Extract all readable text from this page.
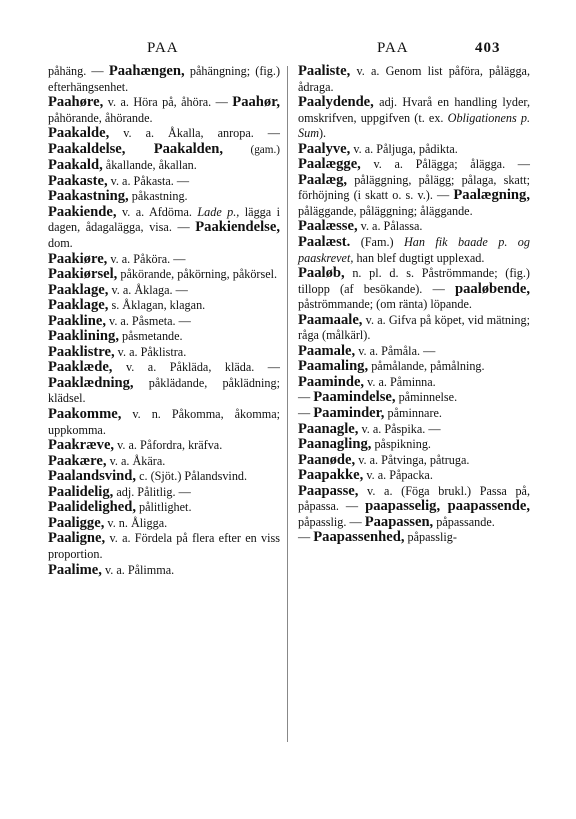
PAA	PAA	403

påhäng. — Paahængen, påhängning; (fig.) efterhängsenhet.

Paahøre, v. a. Höra på, åhöra. — Paahør, påhörande, åhörande.

Paakalde, v. a. Åkalla, anropa. — Paakaldelse, Paakalden, (gam.) Paakald, åkallande, åkallan.

Paakaste, v. a. Påkasta. —

Paakastning, påkastning.

Paakiende, v. a. Afdöma. Lade p., lägga i dagen, ådagalägga, visa. — Paakiendelse, dom.

Paakiøre, v. a. Påköra. —

Paakiørsel, påkörande, påkörning, påkörsel.

Paaklage, v. a. Åklaga. —

Paaklage, s. Åklagan, klagan.

Paakline, v. a. Påsmeta. —

Paaklining, påsmetande.

Paaklistre, v. a. Påklistra.

Paaklæde, v. a. Påkläda, kläda. — Paaklædning, påklädande, påklädning; klädsel.

Paakomme, v. n. Påkomma, åkomma; uppkomma.

Paakræve, v. a. Påfordra, kräfva.

Paakære, v. a. Åkära.

Paalandsvind, c. (Sjöt.) Pålandsvind.

Paalidelig, adj. Pålitlig. —

Paalidelighed, pålitlighet.

Paaligge, v. n. Åligga.

Paaligne, v. a. Fördela på flera efter en viss proportion.

Paalime, v. a. Pålimma.

Paaliste, v. a. Genom list påföra, pålägga, ådraga.

Paalydende, adj. Hvarå en handling lyder, omskrifven, uppgifven (t. ex. Obligationens p. Sum).

Paalyve, v. a. Påljuga, pådikta.

Paalægge, v. a. Pålägga; ålägga. — Paalæg, påläggning, pålägg; pålaga, skatt; förhöjning (i skatt o. s. v.). — Paalægning, påläggande, påläggning; åläggande.

Paalæsse, v. a. Pålassa.

Paalæst. (Fam.) Han fik baade p. og paaskrevet, han blef dugtigt upplexad.

Paaløb, n. pl. d. s. Påströmmande; (fig.) tillopp (af besökande). — paaløbende, påströmmande; (om ränta) löpande.

Paamaale, v. a. Gifva på köpet, vid mätning; råga (målkärl).

Paamale, v. a. Påmåla. —

Paamaling, påmålande, påmålning.

Paaminde, v. a. Påminna.

— Paamindelse, påminnelse.

— Paaminder, påminnare.

Paanagle, v. a. Påspika. —

Paanagling, påspikning.

Paanøde, v. a. Påtvinga, påtruga.

Paapakke, v. a. Påpacka.

Paapasse, v. a. (Föga brukl.) Passa på, påpassa. — paapasselig, paapassende, påpasslig. — Paapassen, påpassande.

— Paapassenhed, påpasslig-
